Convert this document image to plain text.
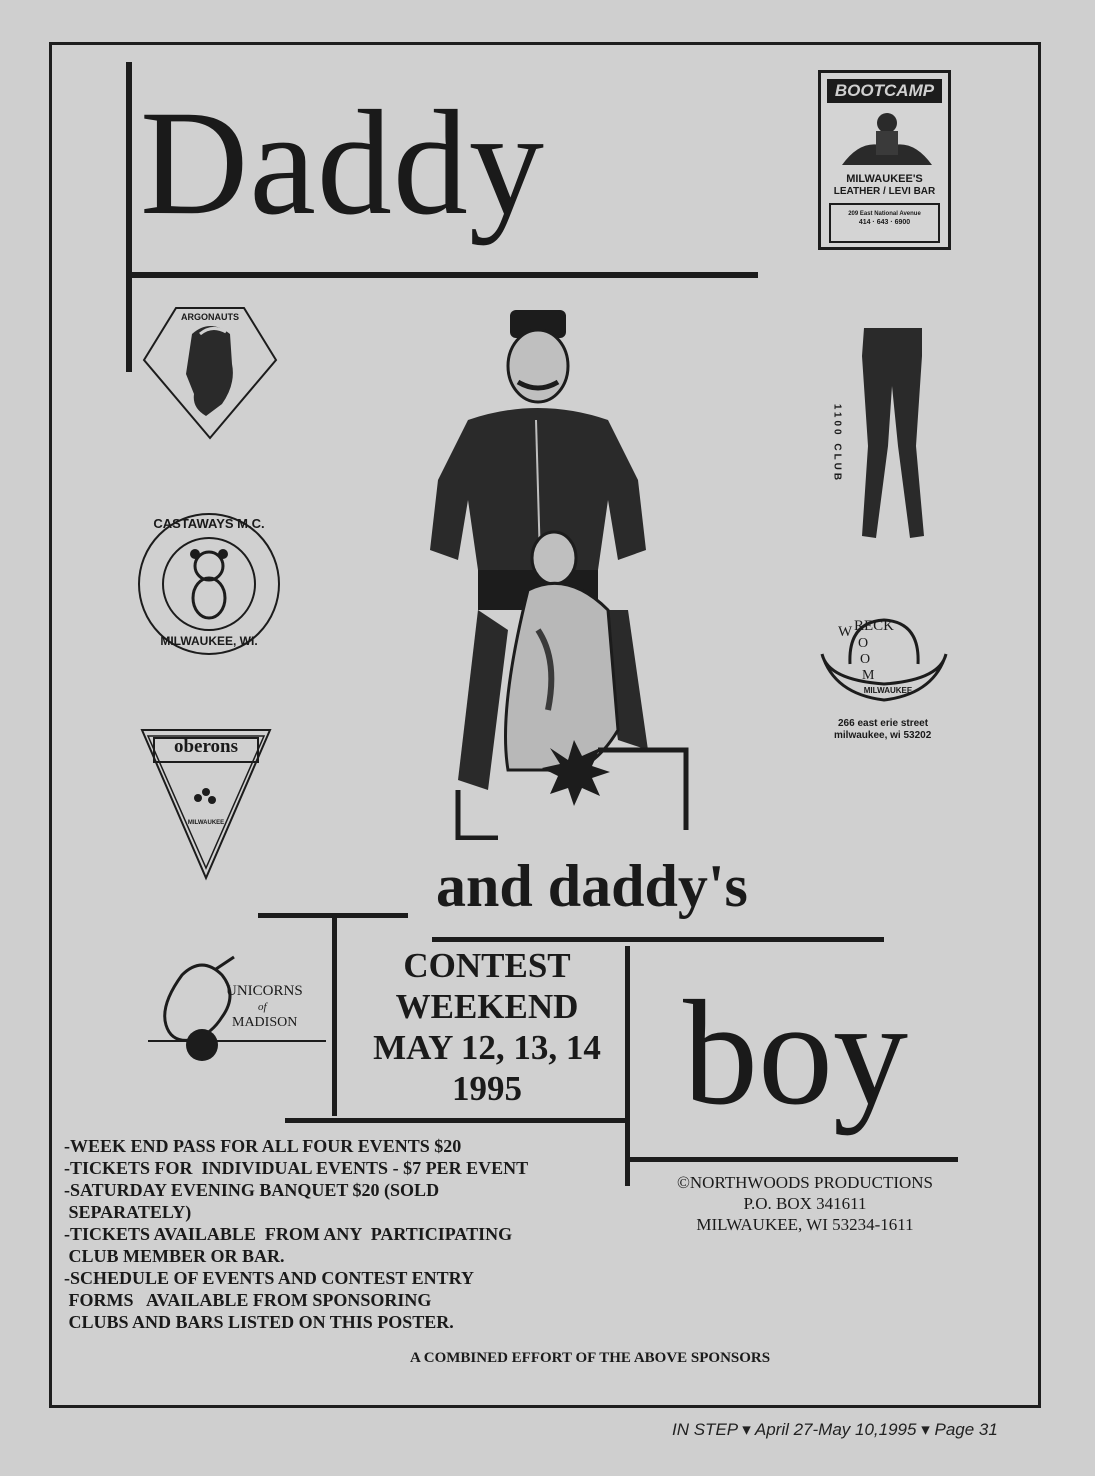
Daddy
and daddy's
boy
CONTEST
WEEKEND
MAY 12, 13, 14
1995
-WEEK END PASS FOR ALL FOUR EVENTS $20
-TICKETS FOR  INDIVIDUAL EVENTS - $7 PER EVENT
-SATURDAY EVENING BANQUET $20 (SOLD
SEPARATELY)
-TICKETS AVAILABLE  FROM ANY  PARTICIPATING
CLUB MEMBER OR BAR.
-SCHEDULE OF EVENTS AND CONTEST ENTRY
FORMS   AVAILABLE FROM SPONSORING
CLUBS AND BARS LISTED ON THIS POSTER.
©NORTHWOODS PRODUCTIONS
P.O. BOX 341611
MILWAUKEE, WI 53234-1611
A COMBINED EFFORT OF THE ABOVE SPONSORS
IN STEP ▾ April 27-May 10,1995 ▾ Page 31
BOOTCAMP
MILWAUKEE'S
LEATHER / LEVI BAR
209 East National Avenue
414 · 643 · 6900
ARGONAUTS
CASTAWAYS M.C.
MILWAUKEE, WI.
oberons
MILWAUKEE
UNICORNS
of
MADISON
1100 CLUB
W RECK
O
O
M
MILWAUKEE
266 east erie street
milwaukee, wi 53202
